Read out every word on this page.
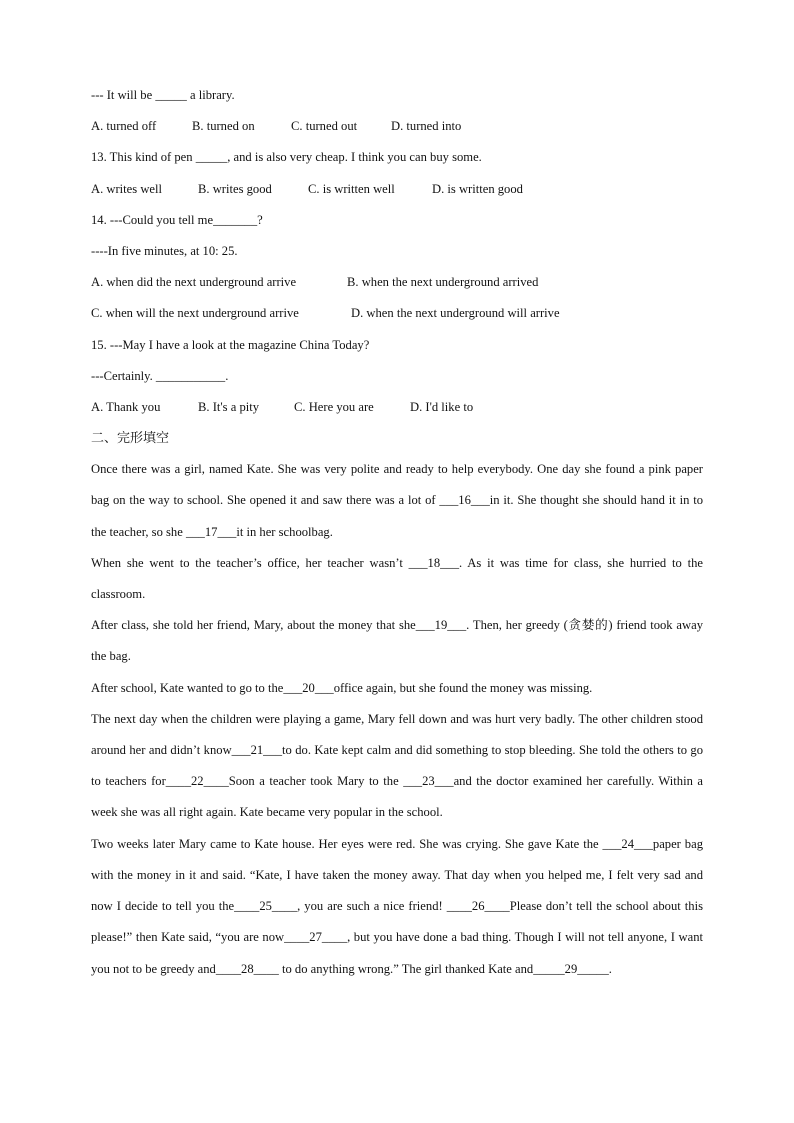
--- It will be _____ a library.
A. turned off	B. turned on	C. turned out	D. turned into
13. This kind of pen _____, and is also very cheap. I think you can buy some.
A. writes well	B. writes good	C. is written well	D. is written good
14. ---Could you tell me_______?
----In five minutes, at 10: 25.
A. when did the next underground arrive	B. when the next underground arrived
C. when will the next underground arrive	D. when the next underground will arrive
15. ---May I have a look at the magazine China Today?
---Certainly. ___________.
A. Thank you	B. It's a pity	C. Here you are	D. I'd like to
二、完形填空

Once there was a girl, named Kate. She was very polite and ready to help everybody. One day she found a pink paper bag on the way to school. She opened it and saw there was a lot of ___16___in it. She thought she should hand it in to the teacher, so she ___17___it in her schoolbag.

When she went to the teacher’s office, her teacher wasn’t ___18___. As it was time for class, she hurried to the classroom.

After class, she told her friend, Mary, about the money that she___19___. Then, her greedy (贪婪的) friend took away the bag.

After school, Kate wanted to go to the___20___office again, but she found the money was missing.

The next day when the children were playing a game, Mary fell down and was hurt very badly. The other children stood around her and didn’t know___21___to do. Kate kept calm and did something to stop bleeding. She told the others to go to teachers for____22____Soon a teacher took Mary to the ___23___and the doctor examined her carefully. Within a week she was all right again. Kate became very popular in the school.

Two weeks later Mary came to Kate house. Her eyes were red. She was crying. She gave Kate the ___24___paper bag with the money in it and said. “Kate, I have taken the money away. That day when you helped me, I felt very sad and now I decide to tell you the____25____, you are such a nice friend! ____26____Please don’t tell the school about this please!” then Kate said, “you are now____27____, but you have done a bad thing. Though I will not tell anyone, I want you not to be greedy and____28____ to do anything wrong.” The girl thanked Kate and_____29_____.
